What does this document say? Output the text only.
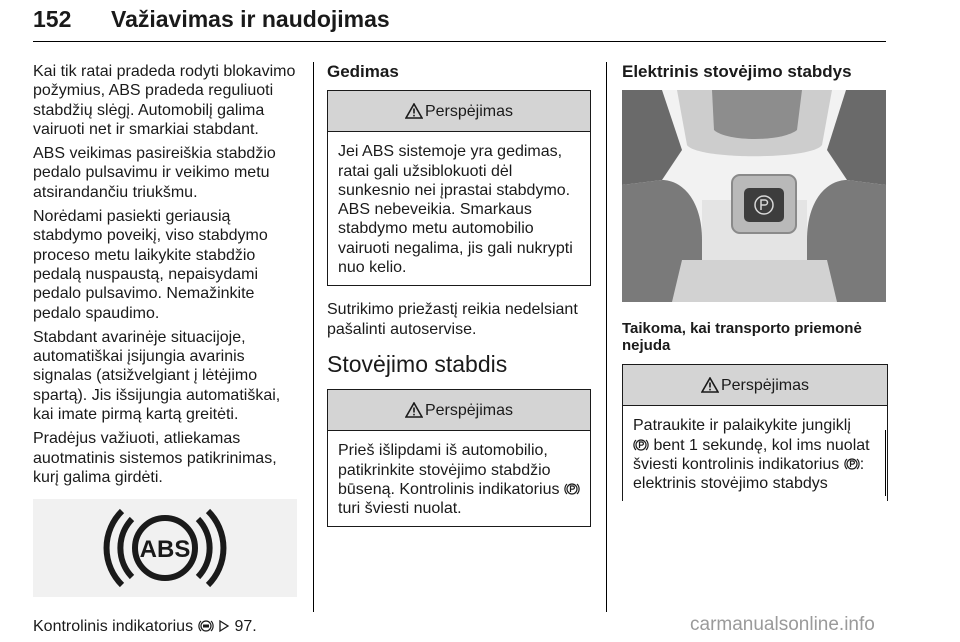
152 Važiavimas ir naudojimas

Kai tik ratai pradeda rodyti blokavimo požymius, ABS pradeda reguliuoti stabdžių slėgį. Automobilį galima vairuoti net ir smarkiai stabdant.

ABS veikimas pasireiškia stabdžio pedalo pulsavimu ir veikimo metu atsirandančiu triukšmu.

Norėdami pasiekti geriausią stabdymo poveikį, viso stabdymo proceso metu laikykite stabdžio pedalą nuspaustą, nepaisydami pedalo pulsavimo. Nemažinkite pedalo spaudimo.

Stabdant avarinėje situacijoje, automatiškai įsijungia avarinis signalas (atsižvelgiant į lėtėjimo spartą). Jis išsijungia automatiškai, kai imate pirmą kartą greitėti.

Pradėjus važiuoti, atliekamas auotmatinis sistemos patikrinimas, kurį galima girdėti.

ABS

Kontrolinis indikatorius	97.

Gedimas
Perspėjimas
Jei ABS sistemoje yra gedimas, ratai gali užsiblokuoti dėl sunkesnio nei įprastai stabdymo. ABS nebeveikia. Smarkaus stabdymo metu automobilio vairuoti negalima, jis gali nukrypti nuo kelio.

Sutrikimo priežastį reikia nedelsiant pašalinti autoservise.

Stovėjimo stabdis
Perspėjimas
Prieš išlipdami iš automobilio, patikrinkite stovėjimo stabdžio būseną. Kontrolinis indikatorius  turi šviesti nuolat.
Elektrinis stovėjimo stabdys
Taikoma, kai transporto priemonė nejuda
Perspėjimas
Patraukite ir palaikykite jungiklį
bent 1 sekundę, kol ims nuolat šviesti kontrolinis indikatorius :
elektrinis stovėjimo stabdys
carmanualsonline.info
